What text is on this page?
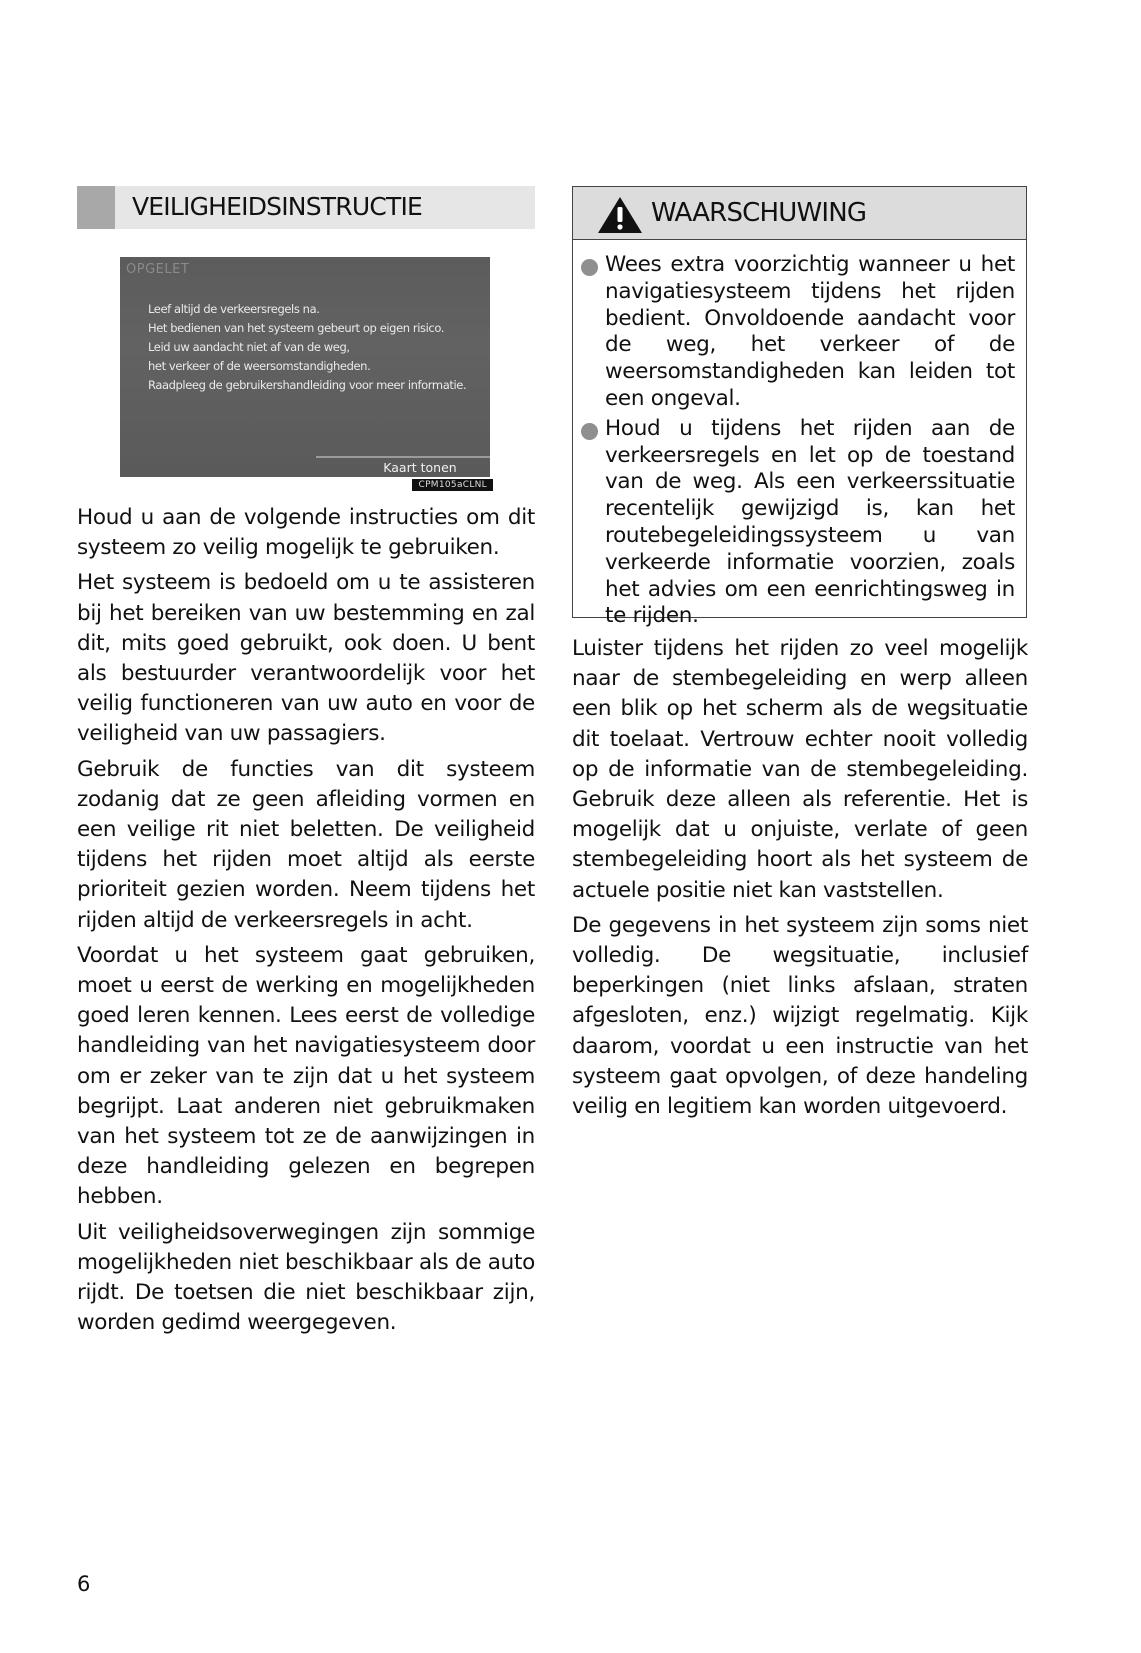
VEILIGHEIDSINSTRUCTIE
OPGELET
Leef altijd de verkeersregels na.
Het bedienen van het systeem gebeurt op eigen risico.
Leid uw aandacht niet af van de weg,
het verkeer of de weersomstandigheden.
Raadpleeg de gebruikershandleiding voor meer informatie.
Kaart tonen
CPM105aCLNL

Houd u aan de volgende instructies om dit systeem zo veilig mogelijk te gebruiken.

Het systeem is bedoeld om u te assisteren bij het bereiken van uw bestemming en zal dit, mits goed gebruikt, ook doen. U bent als bestuurder verantwoordelijk voor het veilig functioneren van uw auto en voor de veiligheid van uw passagiers.

Gebruik de functies van dit systeem zodanig dat ze geen afleiding vormen en een veilige rit niet beletten. De veiligheid tijdens het rijden moet altijd als eerste prioriteit gezien worden. Neem tijdens het rijden altijd de verkeersregels in acht.

Voordat u het systeem gaat gebruiken, moet u eerst de werking en mogelijkheden goed leren kennen. Lees eerst de volledige handleiding van het navigatiesysteem door om er zeker van te zijn dat u het systeem begrijpt. Laat anderen niet gebruikmaken van het systeem tot ze de aanwijzingen in deze handleiding gelezen en begrepen hebben.

Uit veiligheidsoverwegingen zijn sommige mogelijkheden niet beschikbaar als de auto rijdt. De toetsen die niet beschikbaar zijn, worden gedimd weergegeven.

WAARSCHUWING
Wees extra voorzichtig wanneer u het navigatiesysteem tijdens het rijden bedient. Onvoldoende aandacht voor de weg, het verkeer of de weersomstandigheden kan leiden tot een ongeval.
Houd u tijdens het rijden aan de verkeersregels en let op de toestand van de weg. Als een verkeerssituatie recentelijk gewijzigd is, kan het routebegeleidingssysteem u van verkeerde informatie voorzien, zoals het advies om een eenrichtingsweg in te rijden.

Luister tijdens het rijden zo veel mogelijk naar de stembegeleiding en werp alleen een blik op het scherm als de wegsituatie dit toelaat. Vertrouw echter nooit volledig op de informatie van de stembegeleiding. Gebruik deze alleen als referentie. Het is mogelijk dat u onjuiste, verlate of geen stembegeleiding hoort als het systeem de actuele positie niet kan vaststellen.

De gegevens in het systeem zijn soms niet volledig. De wegsituatie, inclusief beperkingen (niet links afslaan, straten afgesloten, enz.) wijzigt regelmatig. Kijk daarom, voordat u een instructie van het systeem gaat opvolgen, of deze handeling veilig en legitiem kan worden uitgevoerd.

6
